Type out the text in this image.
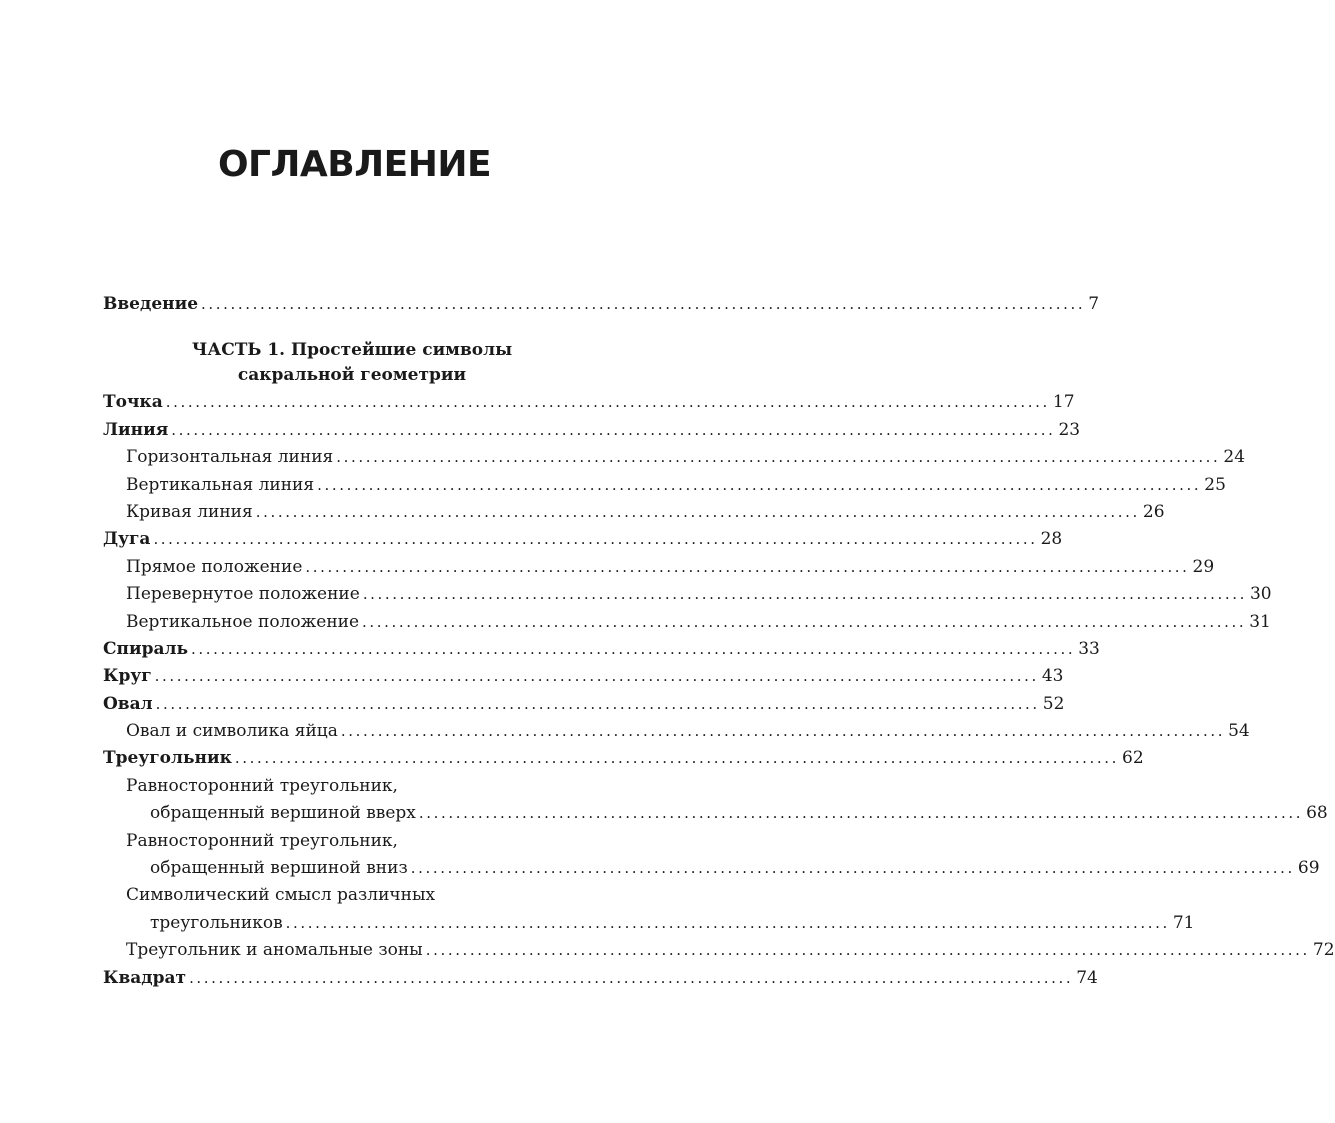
ОГЛАВЛЕНИЕ
Введение ........................................................................................................................ 7
ЧАСТЬ 1. Простейшие символы
сакральной геометрии
Точка ........................................................................................................................ 17
Линия ........................................................................................................................ 23
Горизонтальная линия ........................................................................................................................ 24
Вертикальная линия ........................................................................................................................ 25
Кривая линия ........................................................................................................................ 26
Дуга ........................................................................................................................ 28
Прямое положение ........................................................................................................................ 29
Перевернутое положение ........................................................................................................................ 30
Вертикальное положение ........................................................................................................................ 31
Спираль ........................................................................................................................ 33
Круг ........................................................................................................................ 43
Овал ........................................................................................................................ 52
Овал и символика яйца ........................................................................................................................ 54
Треугольник ........................................................................................................................ 62
Равносторонний треугольник,
обращенный вершиной вверх ........................................................................................................................ 68
Равносторонний треугольник,
обращенный вершиной вниз ........................................................................................................................ 69
Символический смысл различных
треугольников ........................................................................................................................ 71
Треугольник и аномальные зоны ........................................................................................................................ 72
Квадрат ........................................................................................................................ 74
